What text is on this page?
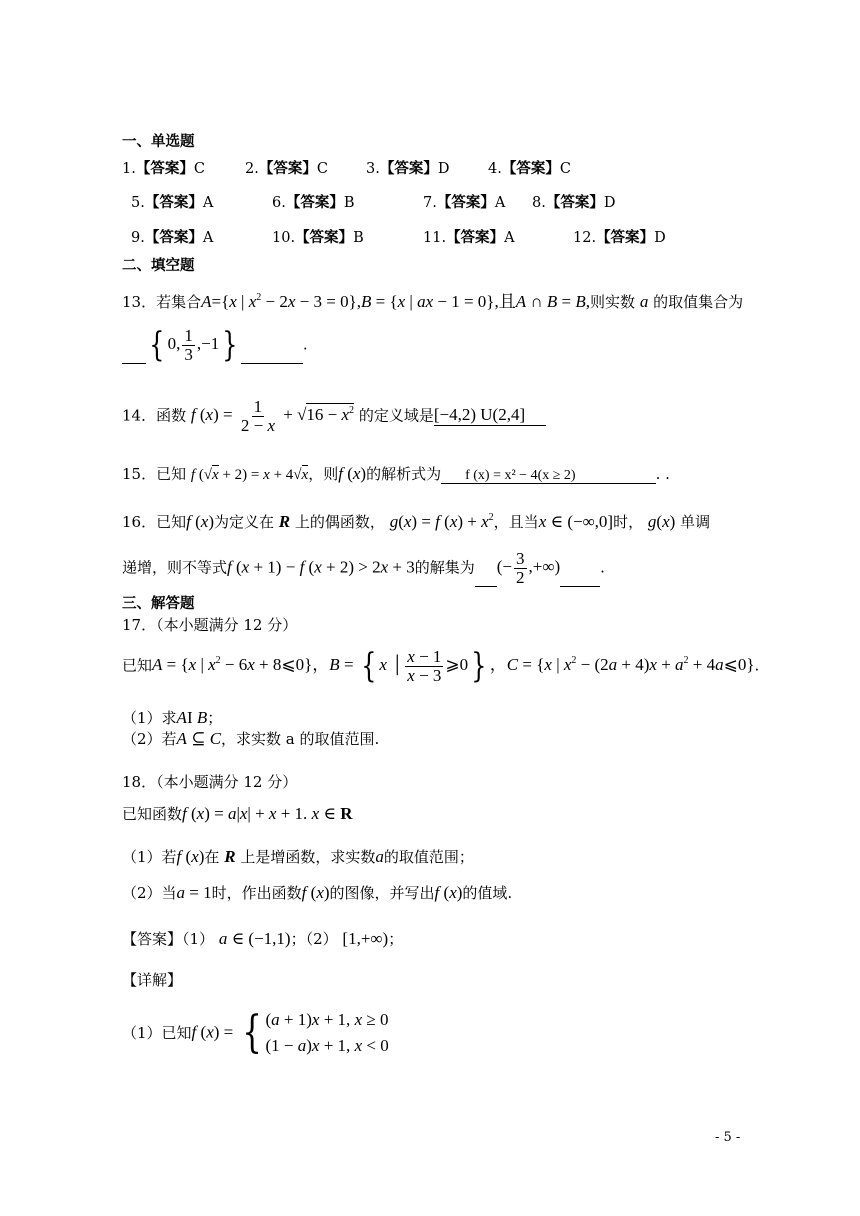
一、单选题
1.【答案】C	2.【答案】C	3.【答案】D	4.【答案】C
5.【答案】A	6.【答案】B	7.【答案】A 8.【答案】D
9.【答案】A	10.【答案】B	11.【答案】A	12.【答案】D
二、填空题
13．若集合A={x | $x^2 - 2x - 3 = 0\},B = \{x$ | ax − 1 = 0},且A ∩ B = B,则实数 a 的取值集合为
{ 0, $\frac{1}{3} ,-1$}	.
14．函数 f $(x) = \frac{1}{2 - x} + √16 - x^2$ 的定义域是[−4,2) U(2,4]
15．已知 f (√x + 2) = x + 4√x，则f (x)的解析式为 f (x) = x² − 4(x ≥ 2)	. .
16．已知f (x)为定义在 R 上的偶函数， g(x) = f $(x) + x^2$，且当x ∈ (−∞,0]时， g(x) 单调
递增，则不等式f (x + 1) − f (x + 2) > 2x + 3的解集为 (− $\frac{3}{2}$ ,+∞)	.
三、解答题
17．（本小题满分 12 分）
已知A = {x | $x^2 - 6x$ + 8⩽0}，B = { x │ $\frac{x - 1}{x - 3}$ ⩾0} ，C = {x | $x^2 - (2a + 4)x + a^2$ + 4a⩽0}.
（1）求AI B；
（2）若A ⊆ C，求实数 a 的取值范围.
18．（本小题满分 12 分）
已知函数f (x) = a|x| + x + 1. x ∈ R
（1）若f (x)在 R 上是增函数，求实数a的取值范围；
（2）当a = 1时，作出函数f (x)的图像，并写出f (x)的值域.
【答案】（1） a ∈ (−1,1)；（2） [1,+∞)；
【详解】
（1）已知f (x) = { (a + 1)x + 1, x ≥ 0
(1 − a)x + 1, x < 0
- 5 -
